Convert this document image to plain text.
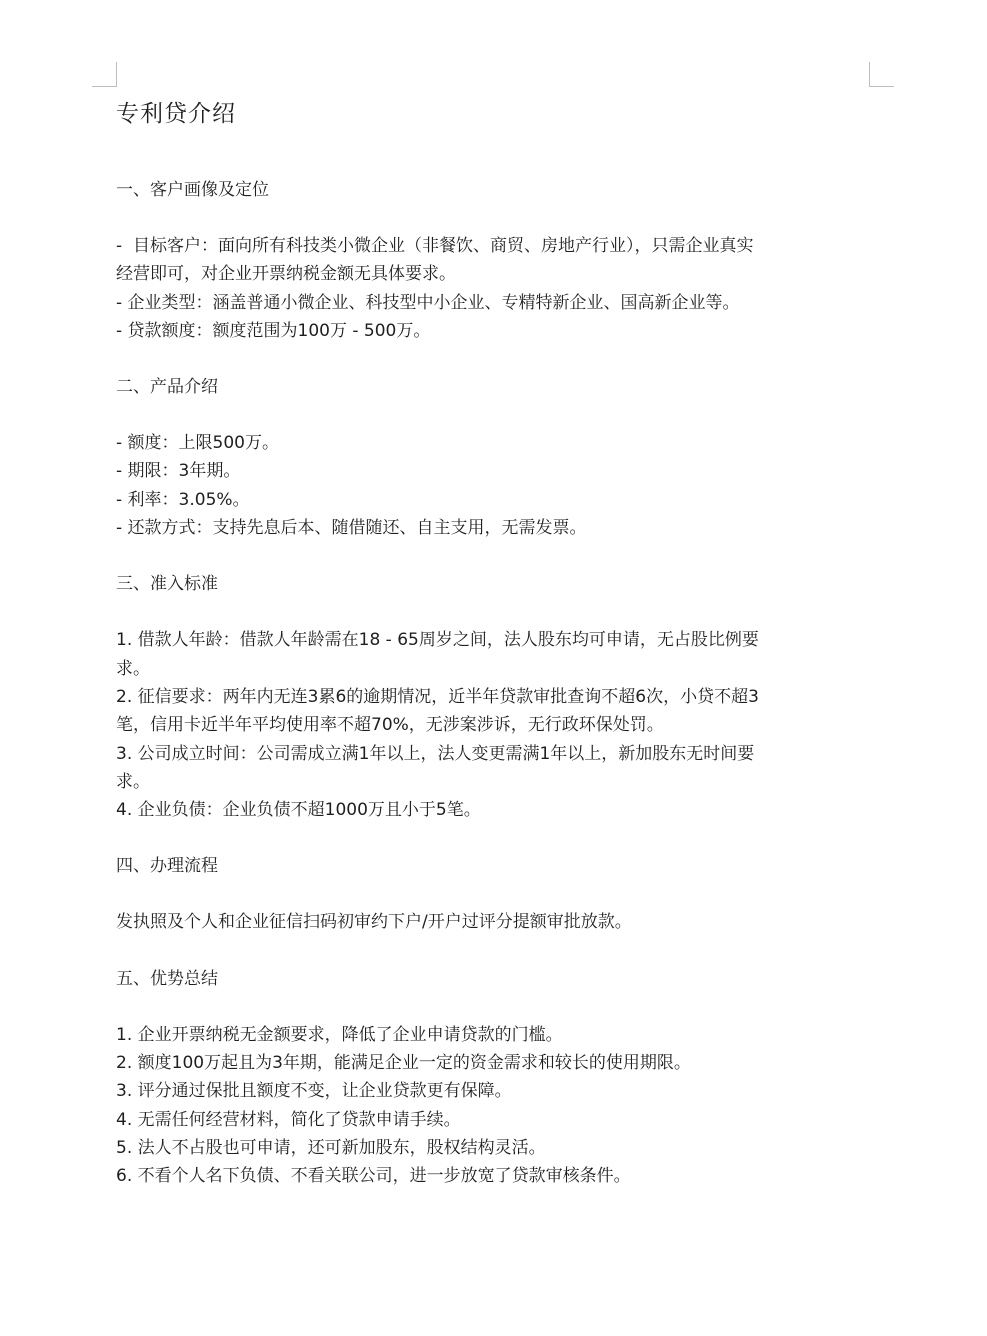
专利贷介绍
一、客户画像及定位

-  目标客户：面向所有科技类小微企业（非餐饮、商贸、房地产行业），只需企业真实

经营即可，对企业开票纳税金额无具体要求。

- 企业类型：涵盖普通小微企业、科技型中小企业、专精特新企业、国高新企业等。

- 贷款额度：额度范围为100万 - 500万。

二、产品介绍

- 额度：上限500万。

- 期限：3年期。

- 利率：3.05%。

- 还款方式：支持先息后本、随借随还、自主支用，无需发票。

三、准入标准

1. 借款人年龄：借款人年龄需在18 - 65周岁之间，法人股东均可申请，无占股比例要

求。

2. 征信要求：两年内无连3累6的逾期情况，近半年贷款审批查询不超6次，小贷不超3

笔，信用卡近半年平均使用率不超70%，无涉案涉诉，无行政环保处罚。

3. 公司成立时间：公司需成立满1年以上，法人变更需满1年以上，新加股东无时间要

求。

4. 企业负债：企业负债不超1000万且小于5笔。

四、办理流程

发执照及个人和企业征信扫码初审约下户/开户过评分提额审批放款。

五、优势总结

1. 企业开票纳税无金额要求，降低了企业申请贷款的门槛。

2. 额度100万起且为3年期，能满足企业一定的资金需求和较长的使用期限。

3. 评分通过保批且额度不变，让企业贷款更有保障。

4. 无需任何经营材料，简化了贷款申请手续。

5. 法人不占股也可申请，还可新加股东，股权结构灵活。

6. 不看个人名下负债、不看关联公司，进一步放宽了贷款审核条件。
